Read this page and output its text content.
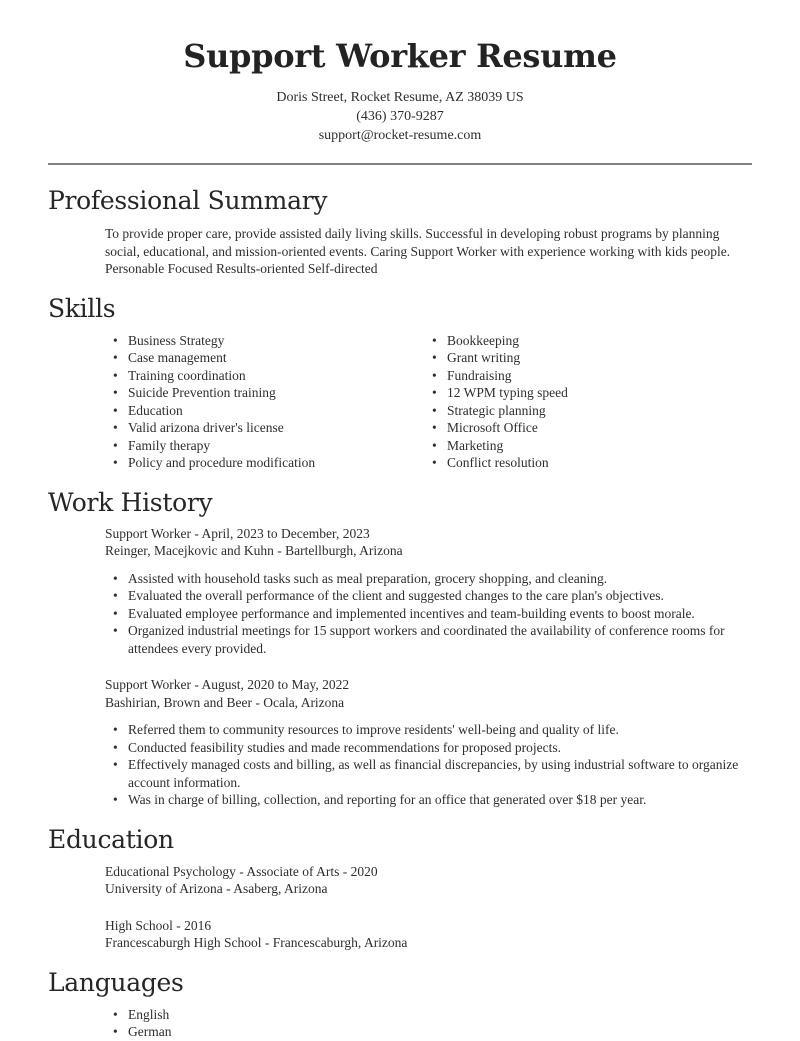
Support Worker Resume
Doris Street, Rocket Resume, AZ 38039 US
(436) 370-9287
support@rocket-resume.com
Professional Summary

To provide proper care, provide assisted daily living skills. Successful in developing robust programs by planning social, educational, and mission-oriented events. Caring Support Worker with experience working with kids people. Personable Focused Results-oriented Self-directed

Skills
• Business Strategy
• Case management
• Training coordination
• Suicide Prevention training
• Education
• Valid arizona driver's license
• Family therapy
• Policy and procedure modification
• Bookkeeping
• Grant writing
• Fundraising
• 12 WPM typing speed
• Strategic planning
• Microsoft Office
• Marketing
• Conflict resolution
Work History
Support Worker - April, 2023 to December, 2023
Reinger, Macejkovic and Kuhn - Bartellburgh, Arizona
• Assisted with household tasks such as meal preparation, grocery shopping, and cleaning.
• Evaluated the overall performance of the client and suggested changes to the care plan's objectives.
• Evaluated employee performance and implemented incentives and team-building events to boost morale.
• Organized industrial meetings for 15 support workers and coordinated the availability of conference rooms for attendees every provided.
Support Worker - August, 2020 to May, 2022
Bashirian, Brown and Beer - Ocala, Arizona
• Referred them to community resources to improve residents' well-being and quality of life.
• Conducted feasibility studies and made recommendations for proposed projects.
• Effectively managed costs and billing, as well as financial discrepancies, by using industrial software to organize account information.
• Was in charge of billing, collection, and reporting for an office that generated over $18 per year.
Education
Educational Psychology - Associate of Arts - 2020
University of Arizona - Asaberg, Arizona
High School - 2016
Francescaburgh High School - Francescaburgh, Arizona
Languages
• English
• German
